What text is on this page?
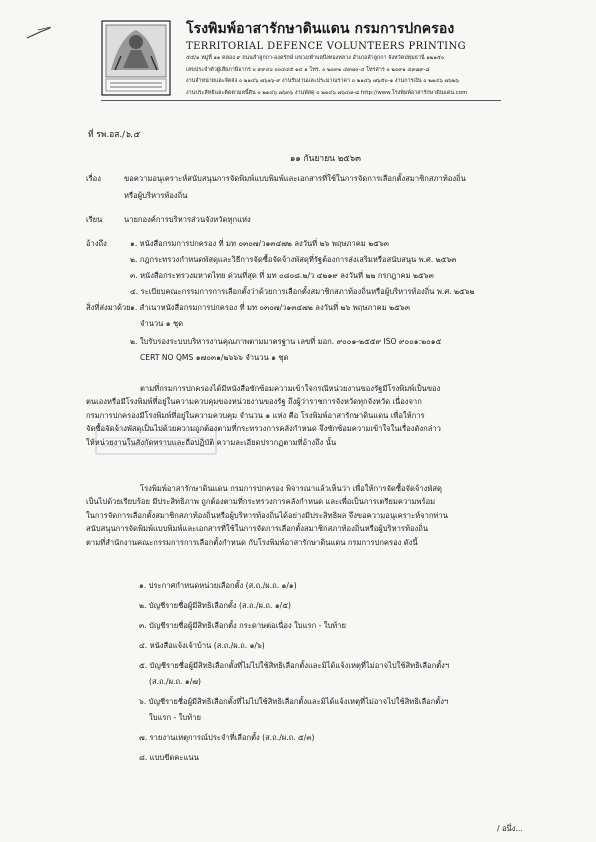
โรงพิมพ์อาสารักษาดินแดน กรมการปกครอง
TERRITORIAL DEFENCE VOLUNTEERS PRINTING
๕๕/๑ หมู่ที่ ๑๑ คลอง ๙ ถนนลำลูกกา-องครักษ์ แขวง/ตำบลบึงทองหลาง อำเภอลำลูกกา จังหวัดปทุมธานี ๑๒๑๕๐
เลขประจำตัวผู้เสียภาษีอากร ๐ ๙๙๔๐ ๐๐๔๔๕ ๑๔ ๑ โทร. ๐ ๒๐๙๑ ๔๙๗๐-๔ โทรสาร ๐ ๒๐๙๑ ๔๙๗๙-๘
งานจำหน่ายและจัดส่ง ๐ ๒๑๔๖ ๗๖๑๖-๙ งานรับงานและประมาณราคา ๐ ๒๑๔๖ ๗๖๕๐-๑ งานการเงิน ๐ ๒๑๔๖ ๗๖๒๖
งานประสิทธิและติดตามหนี้สิน ๐ ๒๑๔๖ ๗๖๓๖ งานพัสดุ ๐ ๒๑๔๖ ๗๖๔๗-๘ http://www.โรงพิมพ์อาสารักษาดินแดน.com
ที่ รพ.อส./๖.๕
๑๑ กันยายน ๒๕๖๓
เรื่อง	ขอความอนุเคราะห์สนับสนุนการจัดพิมพ์แบบพิมพ์และเอกสารที่ใช้ในการจัดการเลือกตั้งสมาชิกสภาท้องถิ่น
หรือผู้บริหารท้องถิ่น
เรียน	นายกองค์การบริหารส่วนจังหวัดทุกแห่ง
อ้างถึง	๑. หนังสือกรมการปกครอง ที่ มท ๐๓๐๗/ว๑๓๔๗๒ ลงวันที่ ๒๖ พฤษภาคม ๒๕๖๓
๒. กฎกระทรวงกำหนดพัสดุและวิธีการจัดซื้อจัดจ้างพัสดุที่รัฐต้องการส่งเสริมหรือสนับสนุน พ.ศ. ๒๕๖๓
๓. หนังสือกระทรวงมหาดไทย ด่วนที่สุด ที่ มท ๐๘๐๘.๒/ว ๔๒๑๙ ลงวันที่ ๒๒ กรกฎาคม ๒๕๖๓
๔. ระเบียบคณะกรรมการการเลือกตั้งว่าด้วยการเลือกตั้งสมาชิกสภาท้องถิ่นหรือผู้บริหารท้องถิ่น พ.ศ. ๒๕๖๒
สิ่งที่ส่งมาด้วย ๑. สำเนาหนังสือกรมการปกครอง ที่ มท ๐๓๐๗/ว๑๓๔๗๒ ลงวันที่ ๒๖ พฤษภาคม ๒๕๖๓
จำนวน ๑ ชุด
๒. ใบรับรองระบบบริหารงานคุณภาพตามมาตรฐาน เลขที่ มอก. ๙๐๐๑-๒๕๕๙ ISO ๙๐๐๑:๒๐๑๕
CERT NO QMS ๑๗๐๓๑/๒๖๖๖ จำนวน ๑ ชุด
ตามที่กรมการปกครองได้มีหนังสือซักซ้อมความเข้าใจกรณีหน่วยงานของรัฐมีโรงพิมพ์เป็นของ
ตนเองหรือมีโรงพิมพ์ที่อยู่ในความควบคุมของหน่วยงานของรัฐ ถึงผู้ว่าราชการจังหวัดทุกจังหวัด เนื่องจาก
กรมการปกครองมีโรงพิมพ์ที่อยู่ในความควบคุม จำนวน ๑ แห่ง คือ โรงพิมพ์อาสารักษาดินแดน เพื่อให้การ
จัดซื้อจัดจ้างพัสดุเป็นไปด้วยความถูกต้องตามที่กระทรวงการคลังกำหนด จึงซักซ้อมความเข้าใจในเรื่องดังกล่าว
ให้หน่วยงานในสังกัดทราบและถือปฏิบัติ ความละเอียดปรากฏตามที่อ้างถึง นั้น
โรงพิมพ์อาสารักษาดินแดน กรมการปกครอง พิจารณาแล้วเห็นว่า เพื่อให้การจัดซื้อจัดจ้างพัสดุ
เป็นไปด้วยเรียบร้อย มีประสิทธิภาพ ถูกต้องตามที่กระทรวงการคลังกำหนด และเพื่อเป็นการเตรียมความพร้อม
ในการจัดการเลือกตั้งสมาชิกสภาท้องถิ่นหรือผู้บริหารท้องถิ่นได้อย่างมีประสิทธิผล จึงขอความอนุเคราะห์จากท่าน
สนับสนุนการจัดพิมพ์แบบพิมพ์และเอกสารที่ใช้ในการจัดการเลือกตั้งสมาชิกสภาท้องถิ่นหรือผู้บริหารท้องถิ่น
ตามที่สำนักงานคณะกรรมการการเลือกตั้งกำหนด กับโรงพิมพ์อาสารักษาดินแดน กรมการปกครอง ดังนี้
๑. ประกาศกำหนดหน่วยเลือกตั้ง (ส.ถ./ผ.ถ. ๑/๑)
๒. บัญชีรายชื่อผู้มีสิทธิเลือกตั้ง (ส.ถ./ผ.ถ. ๑/๕)
๓. บัญชีรายชื่อผู้มีสิทธิเลือกตั้ง กระดาษต่อเนื่อง ใบแรก - ใบท้าย
๔. หนังสือแจ้งเจ้าบ้าน (ส.ถ./ผ.ถ. ๑/๖)
๕. บัญชีรายชื่อผู้มีสิทธิเลือกตั้งที่ไม่ไปใช้สิทธิเลือกตั้งและมิได้แจ้งเหตุที่ไม่อาจไปใช้สิทธิเลือกตั้งฯ
(ส.ถ./ผ.ถ. ๑/๗)
๖. บัญชีรายชื่อผู้มีสิทธิเลือกตั้งที่ไม่ไปใช้สิทธิเลือกตั้งและมิได้แจ้งเหตุที่ไม่อาจไปใช้สิทธิเลือกตั้งฯ
ใบแรก - ใบท้าย
๗. รายงานเหตุการณ์ประจำที่เลือกตั้ง (ส.ถ./ผ.ถ. ๕/๓)
๘. แบบขีดคะแนน
/ อนึ่ง...
